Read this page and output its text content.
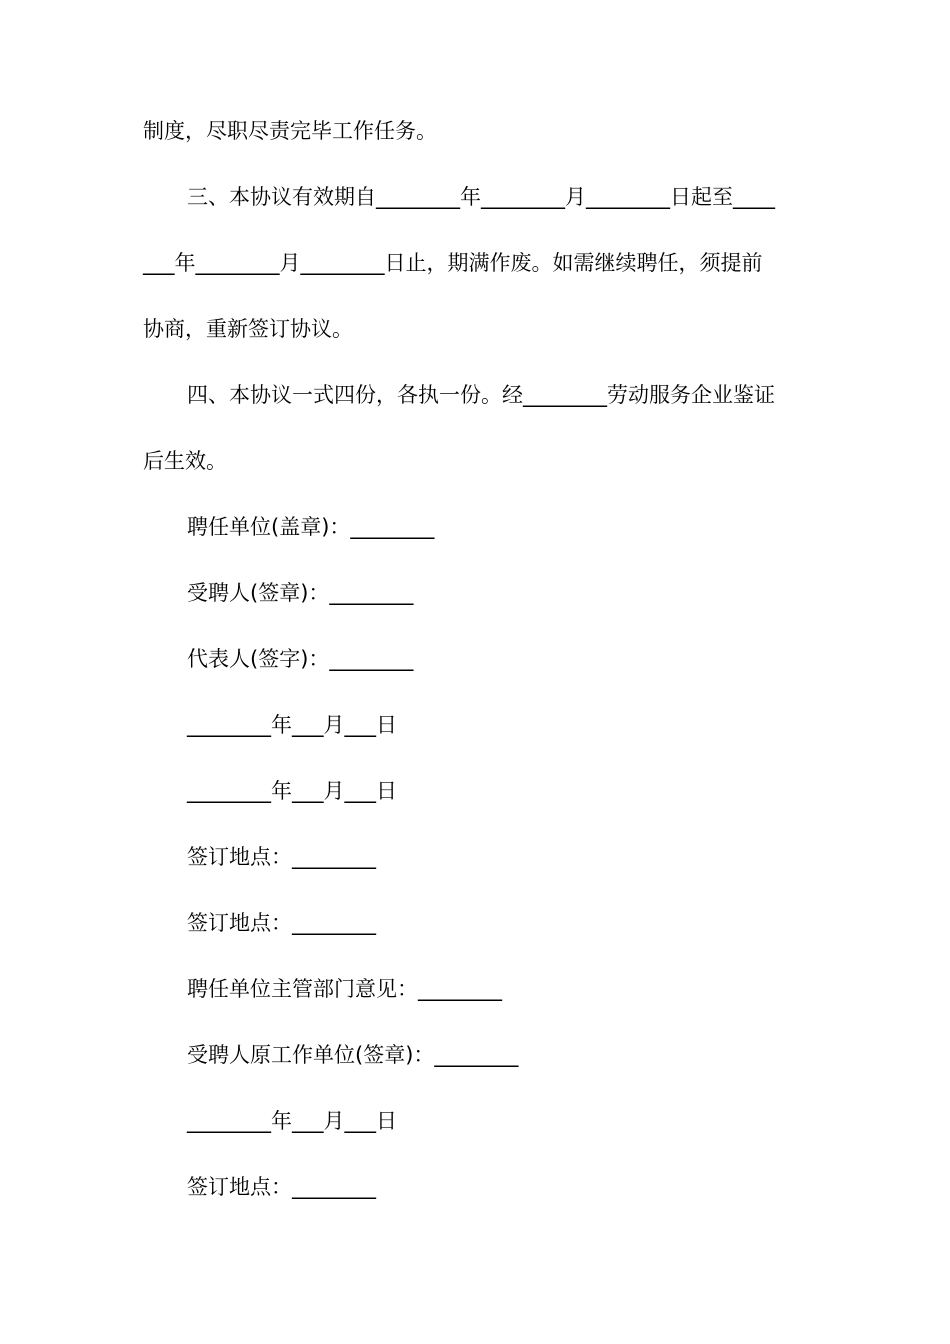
制度，尽职尽责完毕工作任务。
三、本协议有效期自________年________月________日起至____
___年________月________日止，期满作废。如需继续聘任，须提前
协商，重新签订协议。
四、本协议一式四份，各执一份。经________劳动服务企业鉴证
后生效。
聘任单位(盖章)：________
受聘人(签章)：________
代表人(签字)：________
________年___月___日
________年___月___日
签订地点：________
签订地点：________
聘任单位主管部门意见：________
受聘人原工作单位(签章)：________
________年___月___日
签订地点：________
